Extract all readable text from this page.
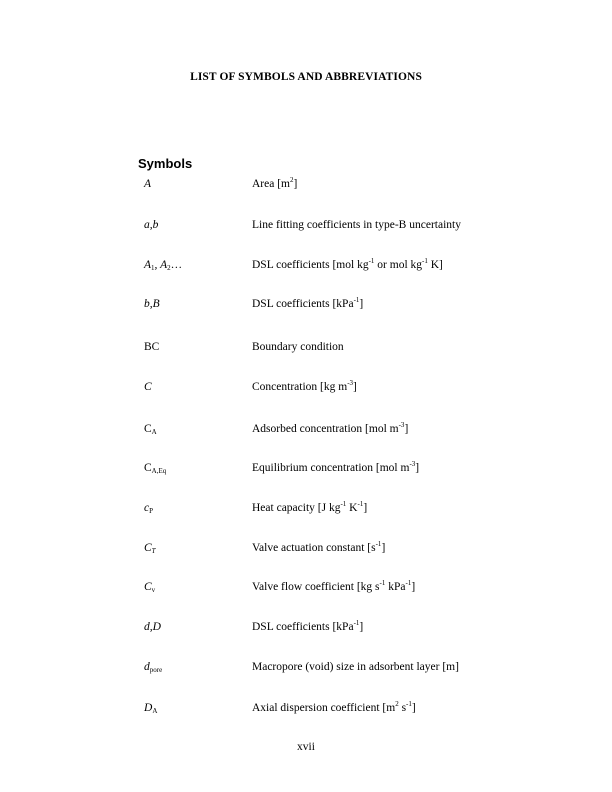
LIST OF SYMBOLS AND ABBREVIATIONS
Symbols
A	Area $[m^2]$
a,b	Line fitting coefficients in type-B uncertainty
$A_1$, $A_2\dots$	DSL coefficients [mol $kg^{-1}$ or mol $kg^{-1}$ K]
b,B	DSL coefficients [kPa$^{-1}$]
BC	Boundary condition
C	Concentration [kg $m^{-3}$]
$C_A$	Adsorbed concentration [mol $m^{-3}$]
$C_{A,Eq}$	Equilibrium concentration [mol $m^{-3}$]
$c_P$	Heat capacity [J $kg^{-1}$ $K^{-1}$]
$C_T$	Valve actuation constant $[s^{-1}]$
$C_v$	Valve flow coefficient [kg $s^{-1}$ kPa$^{-1}$]
d,D	DSL coefficients [kPa$^{-1}$]
$d_{pore}$	Macropore (void) size in adsorbent layer [m]
$D_A$	Axial dispersion coefficient [$m^2$ $s^{-1}$]
xvii
